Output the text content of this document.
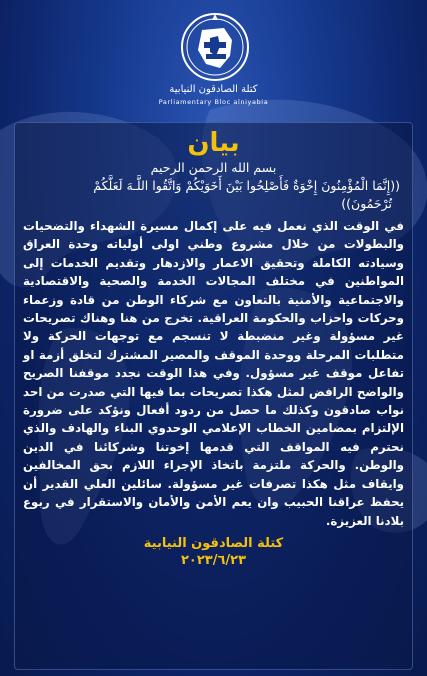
كتلة الصادقون النيابية
Parliamentary Bloc alniyabia
بيان
بسم الله الرحمن الرحيم
((إِنَّمَا الْمُؤْمِنُونَ إِخْوَةٌ فَأَصْلِحُوا بَيْنَ أَخَوَيْكُمْ وَاتَّقُوا اللَّـهَ لَعَلَّكُمْ
تُرْحَمُونَ))
في الوقت الذي نعمل فيه على إكمال مسيرة الشهداء والتضحيات والبطولات من خلال مشروع وطني اولى أولياته وحدة العراق وسيادته الكاملة وتحقيق الاعمار والازدهار وتقديم الخدمات إلى المواطنين في مختلف المجالات الخدمة والصحية والاقتصادية والاجتماعية والأمنية بالتعاون مع شركاء الوطن من قادة وزعماء وحركات واحزاب والحكومة العراقية. تخرج من هنا وهناك تصريحات غير مسؤولة وغير منضبطة لا تنسجم مع توجهات الحركة ولا متطلبات المرحلة ووحدة الموقف والمصير المشترك لتخلق أزمة او تفاعل موقف غير مسؤول. وفي هذا الوقت نجدد موقفنا الصريح والواضح الرافض لمثل هكذا تصريحات بما فيها التي صدرت من احد نواب صادقون وكذلك ما حصل من ردود أفعال ونؤكد على ضرورة الإلتزام بمضامين الخطاب الإعلامي الوحدوي البناء والهادف والذي نحترم فيه المواقف التي قدمها إخوتنا وشركائنا في الدين والوطن. والحركة ملتزمة باتخاذ الإجراء اللازم بحق المخالفين وايقاف مثل هكذا تصرفات غير مسؤولة. سائلين العلي القدير أن يحفظ عراقنا الحبيب وان يعم الأمن والأمان والاستقرار في ربوع بلادنا العزيزة.
كتلة الصادقون النيابية
٢٠٢٣/٦/٢٣
